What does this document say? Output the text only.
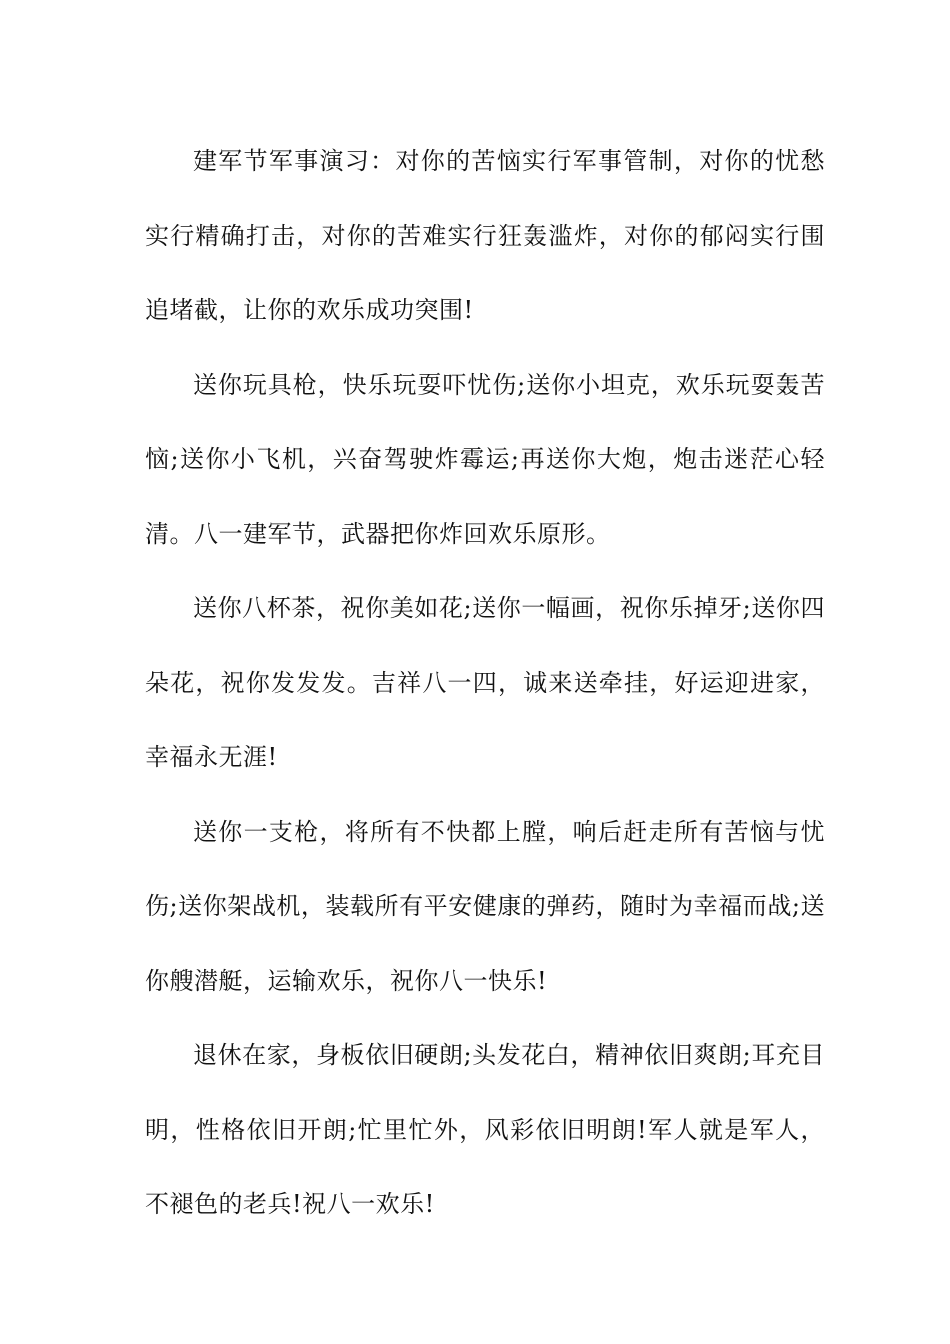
建军节军事演习：对你的苦恼实行军事管制，对你的忧愁实行精确打击，对你的苦难实行狂轰滥炸，对你的郁闷实行围追堵截，让你的欢乐成功突围!

送你玩具枪，快乐玩耍吓忧伤;送你小坦克，欢乐玩耍轰苦恼;送你小飞机，兴奋驾驶炸霉运;再送你大炮，炮击迷茫心轻清。八一建军节，武器把你炸回欢乐原形。

送你八杯茶，祝你美如花;送你一幅画，祝你乐掉牙;送你四朵花，祝你发发发。吉祥八一四，诚来送牵挂，好运迎进家，幸福永无涯!

送你一支枪，将所有不快都上膛，响后赶走所有苦恼与忧伤;送你架战机，装载所有平安健康的弹药，随时为幸福而战;送你艘潜艇，运输欢乐，祝你八一快乐!

退休在家，身板依旧硬朗;头发花白，精神依旧爽朗;耳充目明，性格依旧开朗;忙里忙外，风彩依旧明朗!军人就是军人，不褪色的老兵!祝八一欢乐!
